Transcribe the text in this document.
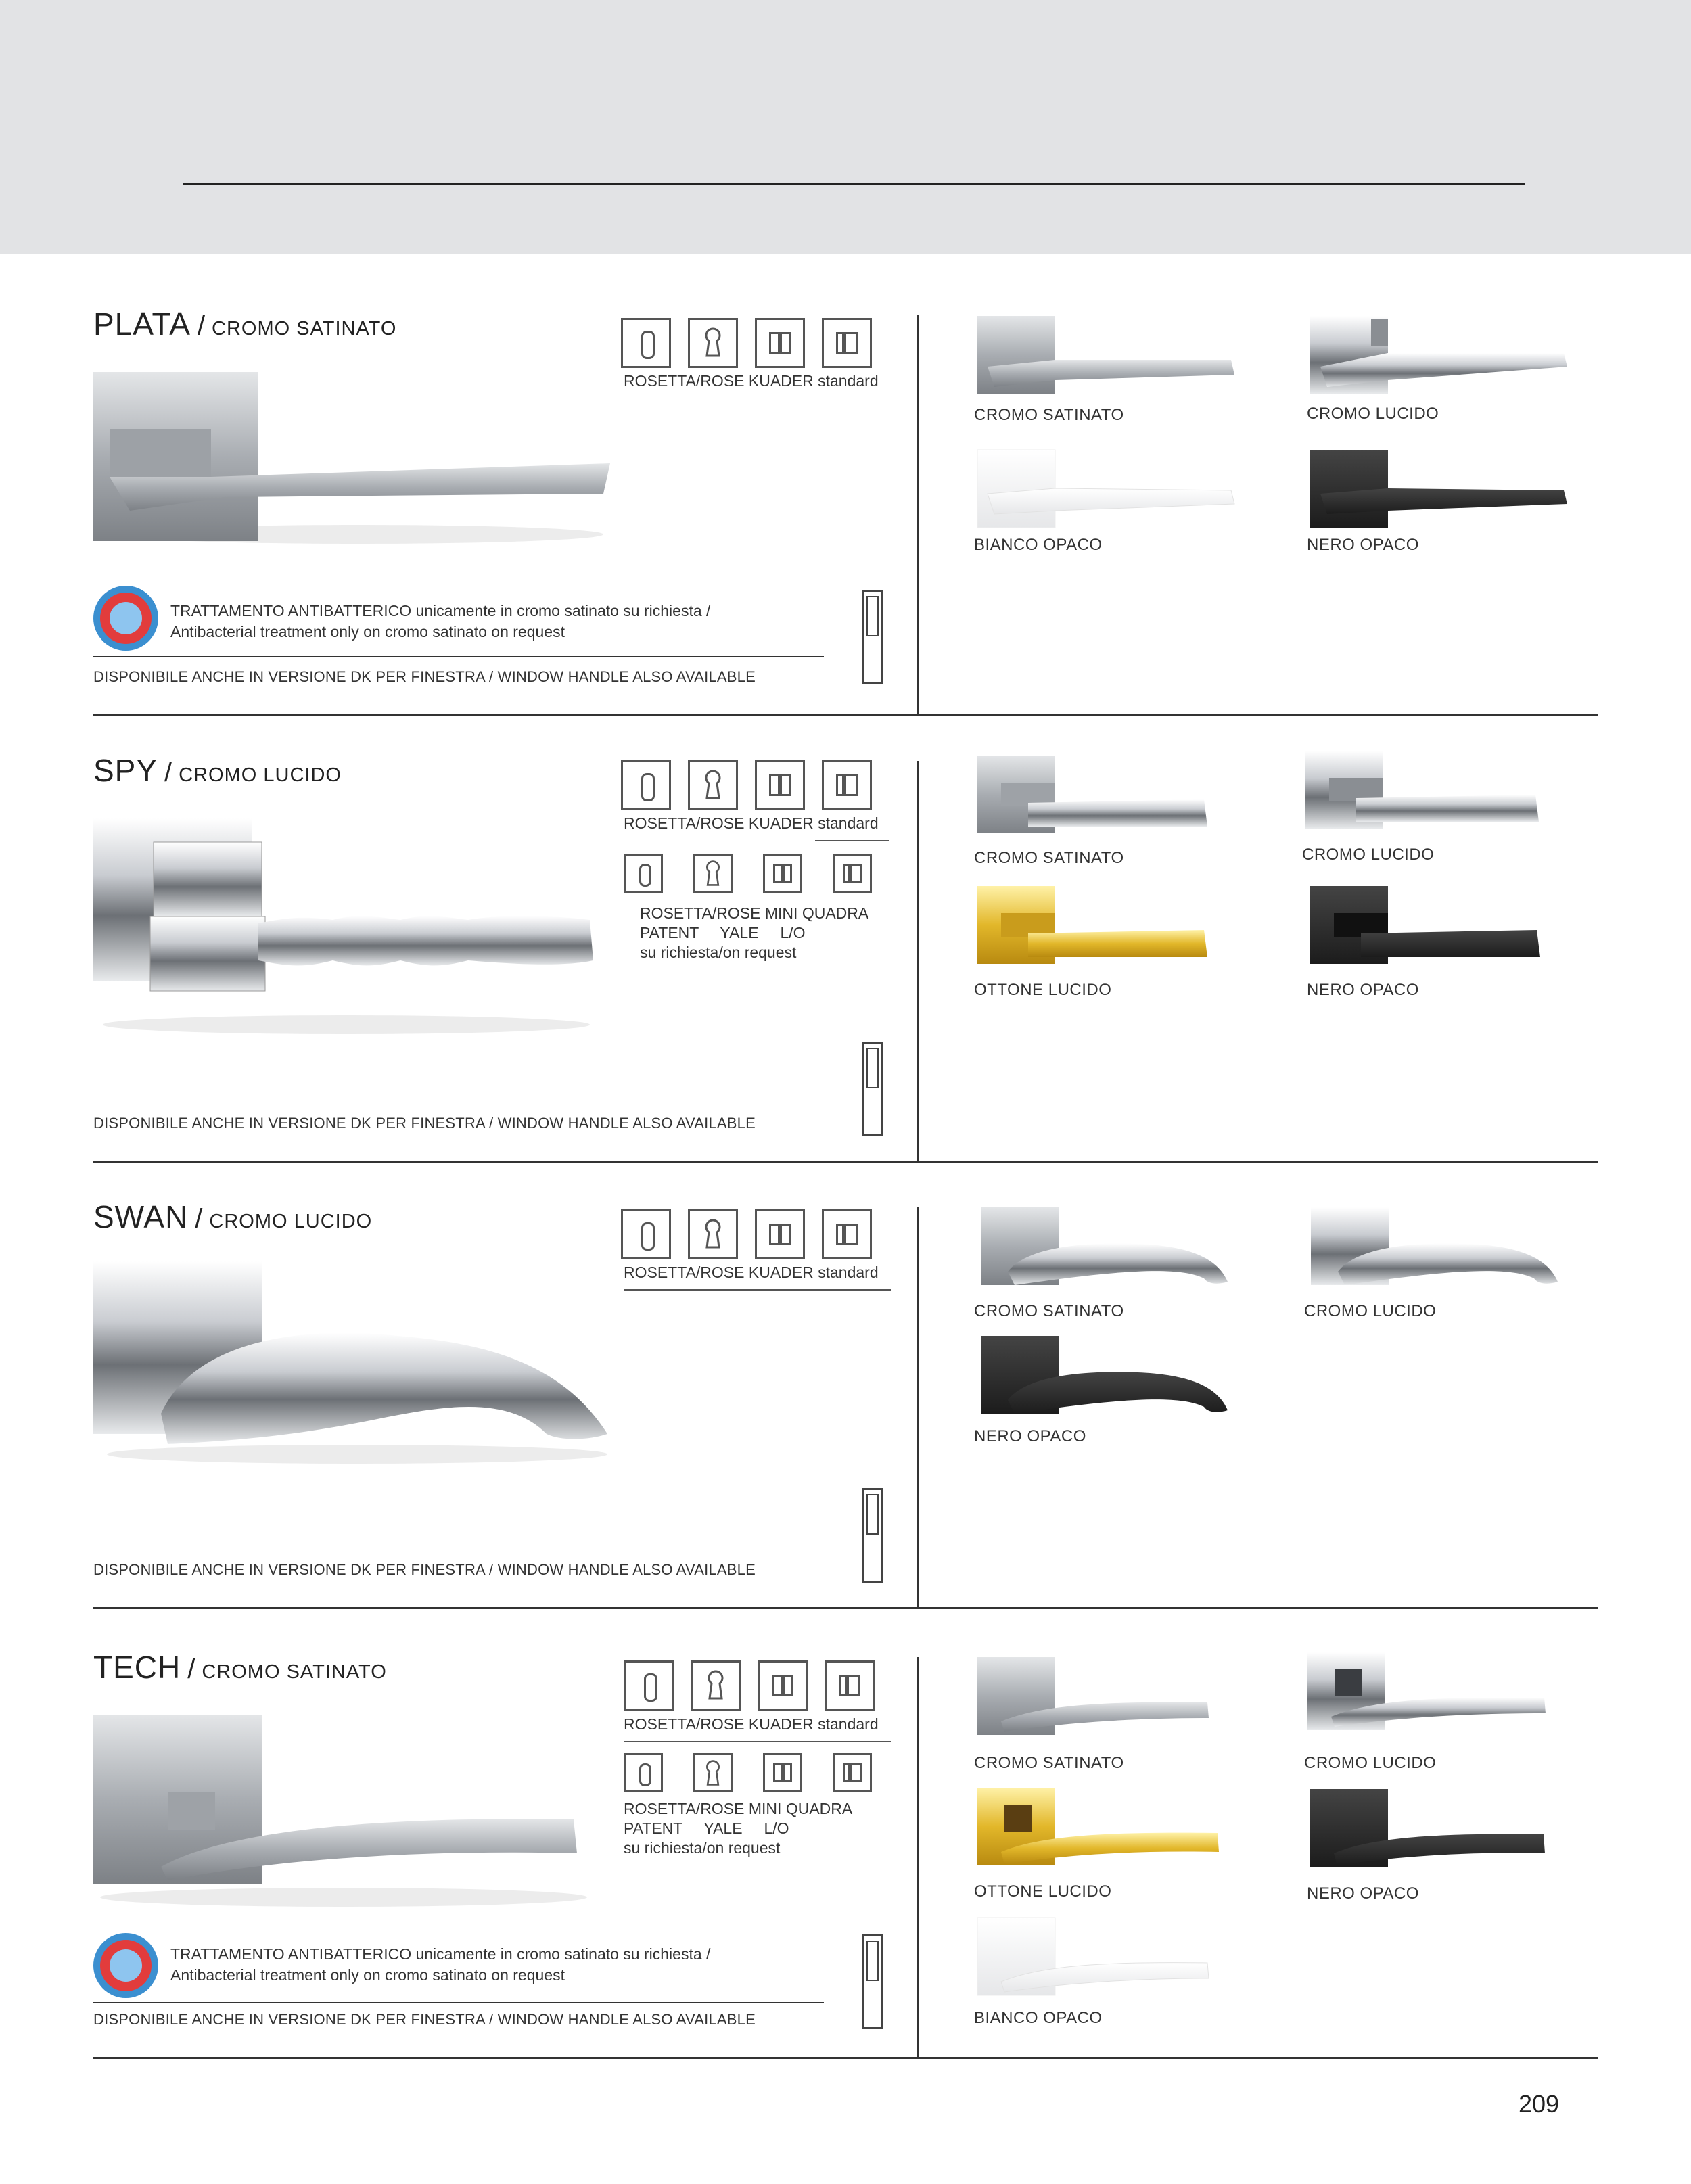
PLATA / CROMO SATINATO
ROSETTA/ROSE KUADER standard
TRATTAMENTO ANTIBATTERICO unicamente in cromo satinato su richiesta /
Antibacterial treatment only on cromo satinato on request
DISPONIBILE ANCHE IN VERSIONE DK PER FINESTRA / WINDOW HANDLE ALSO AVAILABLE
CROMO SATINATO	CROMO LUCIDO
BIANCO OPACO	NERO OPACO
SPY / CROMO LUCIDO
ROSETTA/ROSE KUADER standard
ROSETTA/ROSE MINI QUADRA
PATENT     YALE     L/O
su richiesta/on request
DISPONIBILE ANCHE IN VERSIONE DK PER FINESTRA / WINDOW HANDLE ALSO AVAILABLE
CROMO SATINATO	CROMO LUCIDO
OTTONE LUCIDO	NERO OPACO
SWAN / CROMO LUCIDO
ROSETTA/ROSE KUADER standard
DISPONIBILE ANCHE IN VERSIONE DK PER FINESTRA / WINDOW HANDLE ALSO AVAILABLE
CROMO SATINATO	CROMO LUCIDO
NERO OPACO
TECH / CROMO SATINATO
ROSETTA/ROSE KUADER standard
ROSETTA/ROSE MINI QUADRA
PATENT     YALE     L/O
su richiesta/on request
TRATTAMENTO ANTIBATTERICO unicamente in cromo satinato su richiesta /
Antibacterial treatment only on cromo satinato on request
DISPONIBILE ANCHE IN VERSIONE DK PER FINESTRA / WINDOW HANDLE ALSO AVAILABLE
CROMO SATINATO	CROMO LUCIDO
OTTONE LUCIDO	NERO OPACO
BIANCO OPACO
209
